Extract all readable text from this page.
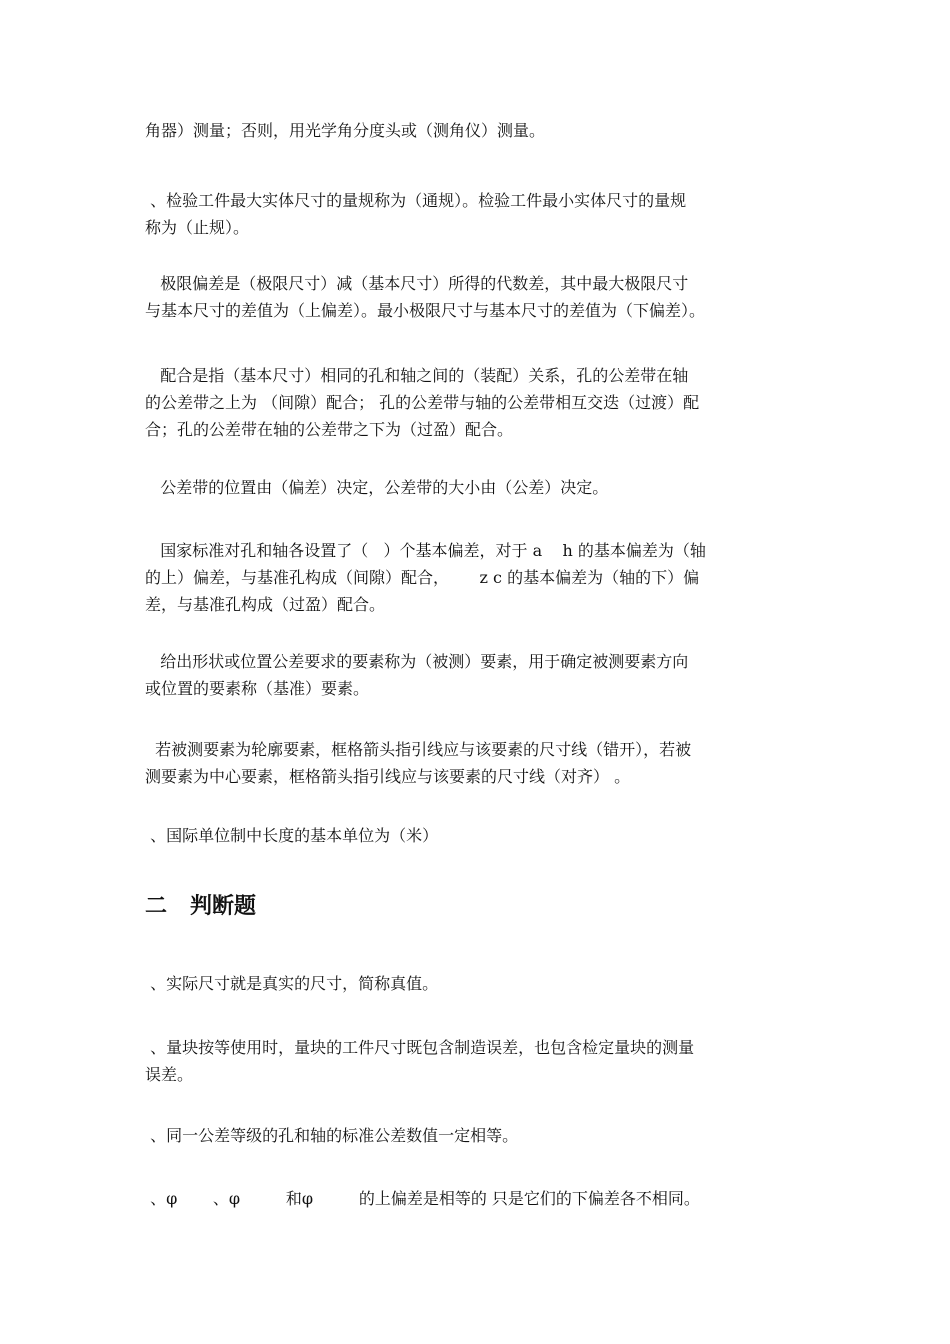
角器）测量；否则，用光学角分度头或（测角仪）测量。

、检验工件最大实体尺寸的量规称为（通规）。检验工件最小实体尺寸的量规
称为（止规）。

极限偏差是（极限尺寸）减（基本尺寸）所得的代数差，其中最大极限尺寸
与基本尺寸的差值为（上偏差）。最小极限尺寸与基本尺寸的差值为（下偏差）。

配合是指（基本尺寸）相同的孔和轴之间的（装配）关系，孔的公差带在轴
的公差带之上为 （间隙）配合； 孔的公差带与轴的公差带相互交迭（过渡）配
合；孔的公差带在轴的公差带之下为（过盈）配合。

公差带的位置由（偏差）决定，公差带的大小由（公差）决定。

国家标准对孔和轴各设置了（   ）个基本偏差，对于 a    h 的基本偏差为（轴
的上）偏差，与基准孔构成（间隙）配合，      z c 的基本偏差为（轴的下）偏
差，与基准孔构成（过盈）配合。

给出形状或位置公差要求的要素称为（被测）要素，用于确定被测要素方向
或位置的要素称（基准）要素。

若被测要素为轮廓要素，框格箭头指引线应与该要素的尺寸线（错开），若被
测要素为中心要素，框格箭头指引线应与该要素的尺寸线（对齐） 。

、国际单位制中长度的基本单位为（米）

二   判断题

、实际尺寸就是真实的尺寸，简称真值。

、量块按等使用时，量块的工件尺寸既包含制造误差，也包含检定量块的测量
误差。

、同一公差等级的孔和轴的标准公差数值一定相等。

、φ       、φ         和φ         的上偏差是相等的 只是它们的下偏差各不相同。
